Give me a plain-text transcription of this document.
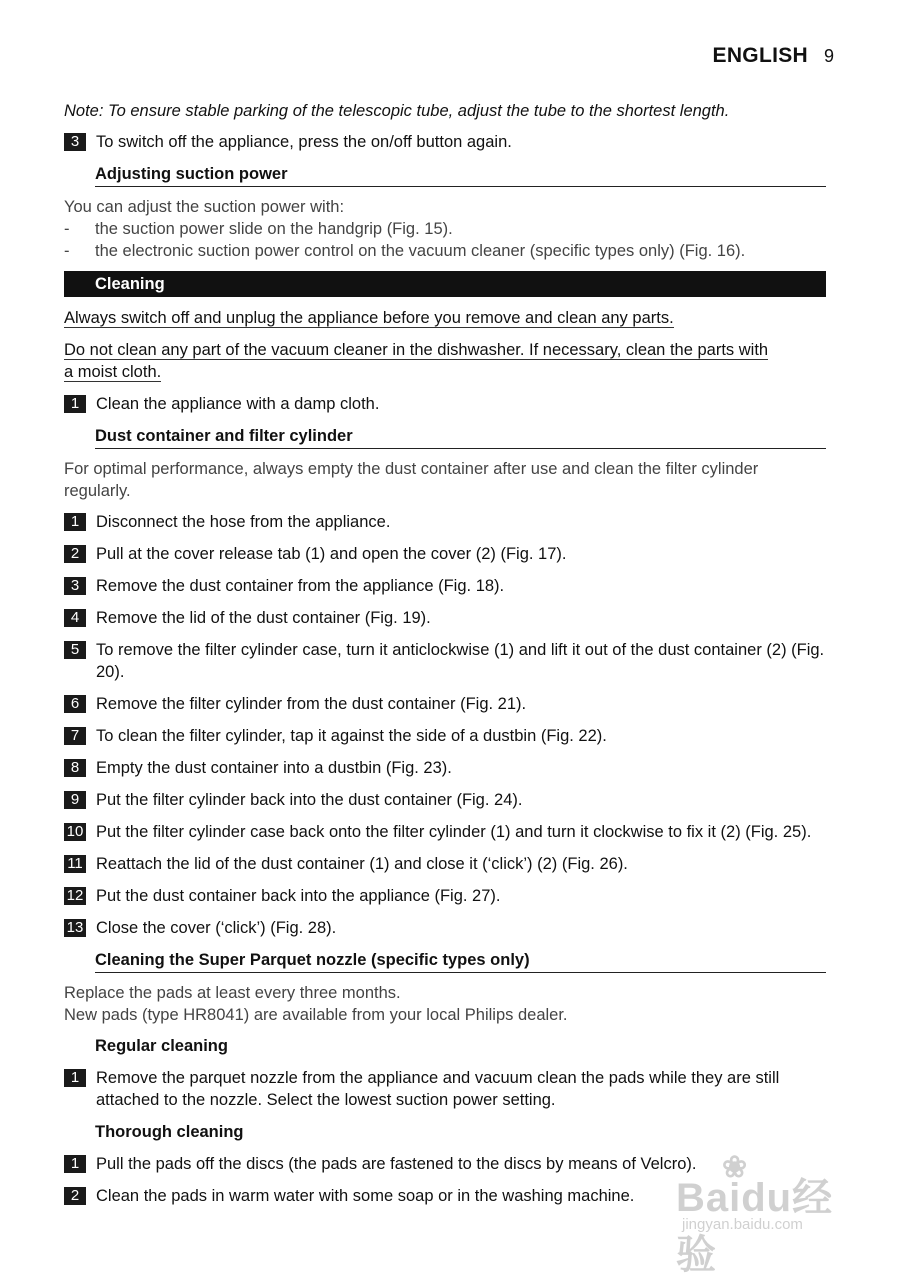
ENGLISH 9
Note: To ensure stable parking of the telescopic tube, adjust the tube to the shortest length.
3	To switch off the appliance, press the on/off button again.
Adjusting suction power
You can adjust the suction power with:
-	the suction power slide on the handgrip (Fig. 15).
-	the electronic suction power control on the vacuum cleaner (specific types only) (Fig. 16).
Cleaning
Always switch off and unplug the appliance before you remove and clean any parts.
Do not clean any part of the vacuum cleaner in the dishwasher. If necessary, clean the parts with
a moist cloth.
1	Clean the appliance with a damp cloth.
Dust container and filter cylinder
For optimal performance, always empty the dust container after use and clean the filter cylinder regularly.
1	Disconnect the hose from the appliance.
2	Pull at the cover release tab (1) and open the cover (2) (Fig. 17).
3	Remove the dust container from the appliance (Fig. 18).
4	Remove the lid of the dust container (Fig. 19).
5	To remove the filter cylinder case, turn it anticlockwise (1) and lift it out of the dust container (2) (Fig. 20).
6	Remove the filter cylinder from the dust container (Fig. 21).
7	To clean the filter cylinder, tap it against the side of a dustbin (Fig. 22).
8	Empty the dust container into a dustbin (Fig. 23).
9	Put the filter cylinder back into the dust container (Fig. 24).
10 Put the filter cylinder case back onto the filter cylinder (1) and turn it clockwise to fix it (2) (Fig. 25).
11 Reattach the lid of the dust container (1) and close it (‘click’) (2) (Fig. 26).
12 Put the dust container back into the appliance (Fig. 27).
13 Close the cover (‘click’) (Fig. 28).
Cleaning the Super Parquet nozzle (specific types only)
Replace the pads at least every three months.
New pads (type HR8041) are available from your local Philips dealer.
Regular cleaning
1	Remove the parquet nozzle from the appliance and vacuum clean the pads while they are still attached to the nozzle. Select the lowest suction power setting.
Thorough cleaning
1	Pull the pads off the discs (the pads are fastened to the discs by means of Velcro).
2	Clean the pads in warm water with some soap or in the washing machine.
❀
Baidu经验
jingyan.baidu.com
